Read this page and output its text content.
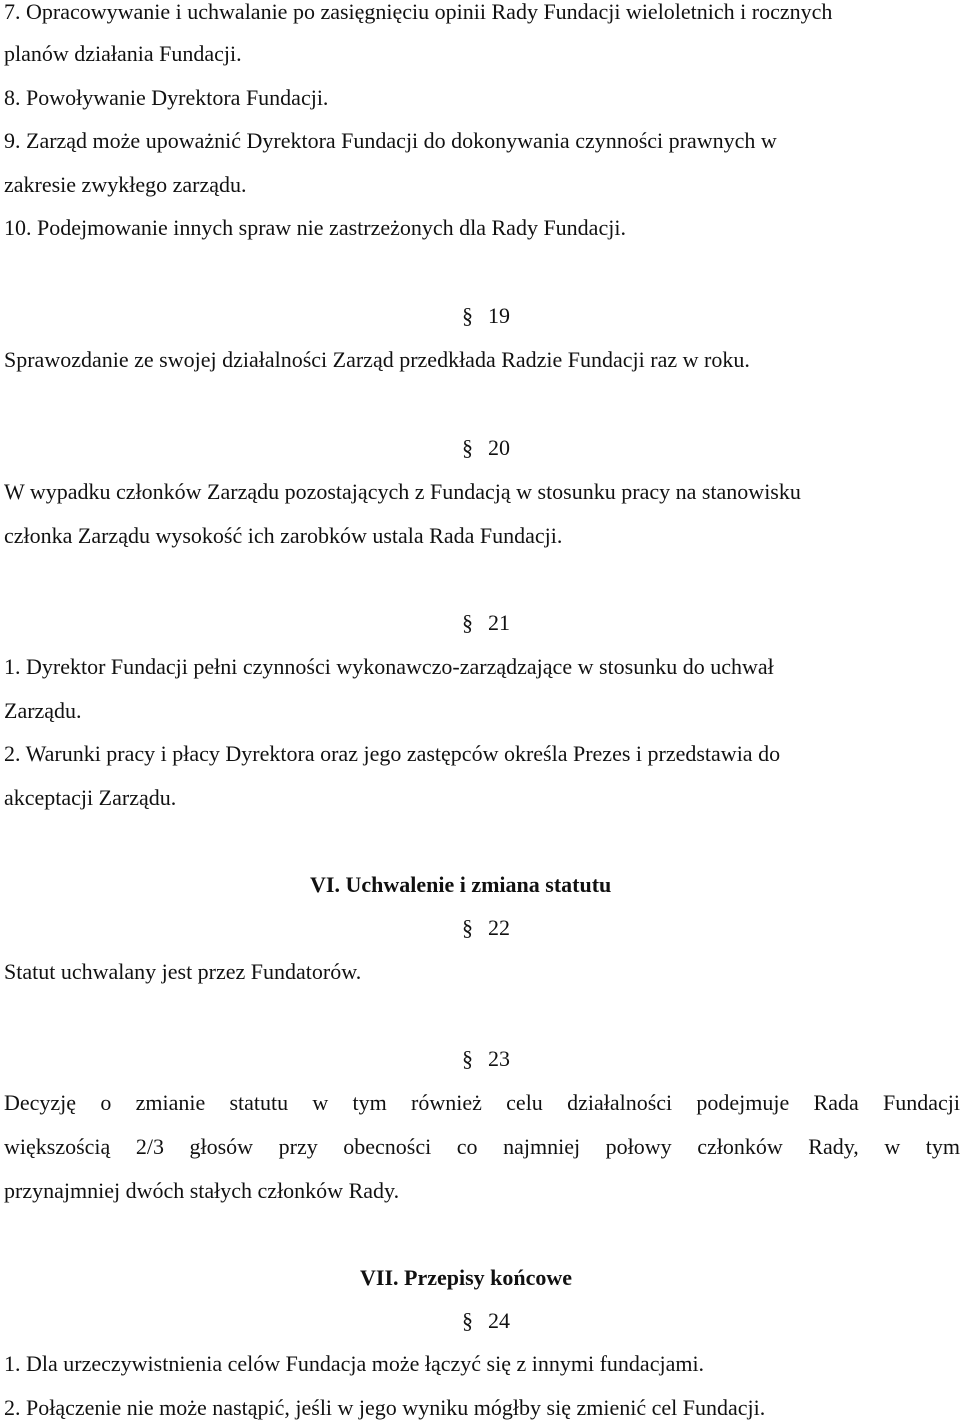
7. Opracowywanie i uchwalanie po zasięgnięciu opinii Rady Fundacji wieloletnich i rocznych
planów działania Fundacji.
8. Powoływanie Dyrektora Fundacji.
9. Zarząd może upoważnić Dyrektora Fundacji do dokonywania czynności prawnych w
zakresie zwykłego zarządu.
10. Podejmowanie innych spraw nie zastrzeżonych dla Rady Fundacji.
§ 19
Sprawozdanie ze swojej działalności Zarząd przedkłada Radzie Fundacji raz w roku.
§ 20
W wypadku członków Zarządu pozostających z Fundacją w stosunku pracy na stanowisku
członka Zarządu wysokość ich zarobków ustala Rada Fundacji.
§ 21
1. Dyrektor Fundacji pełni czynności wykonawczo-zarządzające w stosunku do uchwał
Zarządu.
2. Warunki pracy i płacy Dyrektora oraz jego zastępców określa Prezes i przedstawia do
akceptacji Zarządu.
VI. Uchwalenie i zmiana statutu
§ 22
Statut uchwalany jest przez Fundatorów.
§ 23
Decyzję o zmianie statutu w tym również celu działalności podejmuje Rada Fundacji
większością 2/3 głosów przy obecności co najmniej połowy członków Rady, w tym
przynajmniej dwóch stałych członków Rady.
VII. Przepisy końcowe
§ 24
1. Dla urzeczywistnienia celów Fundacja może łączyć się z innymi fundacjami.
2. Połączenie nie może nastąpić, jeśli w jego wyniku mógłby się zmienić cel Fundacji.
